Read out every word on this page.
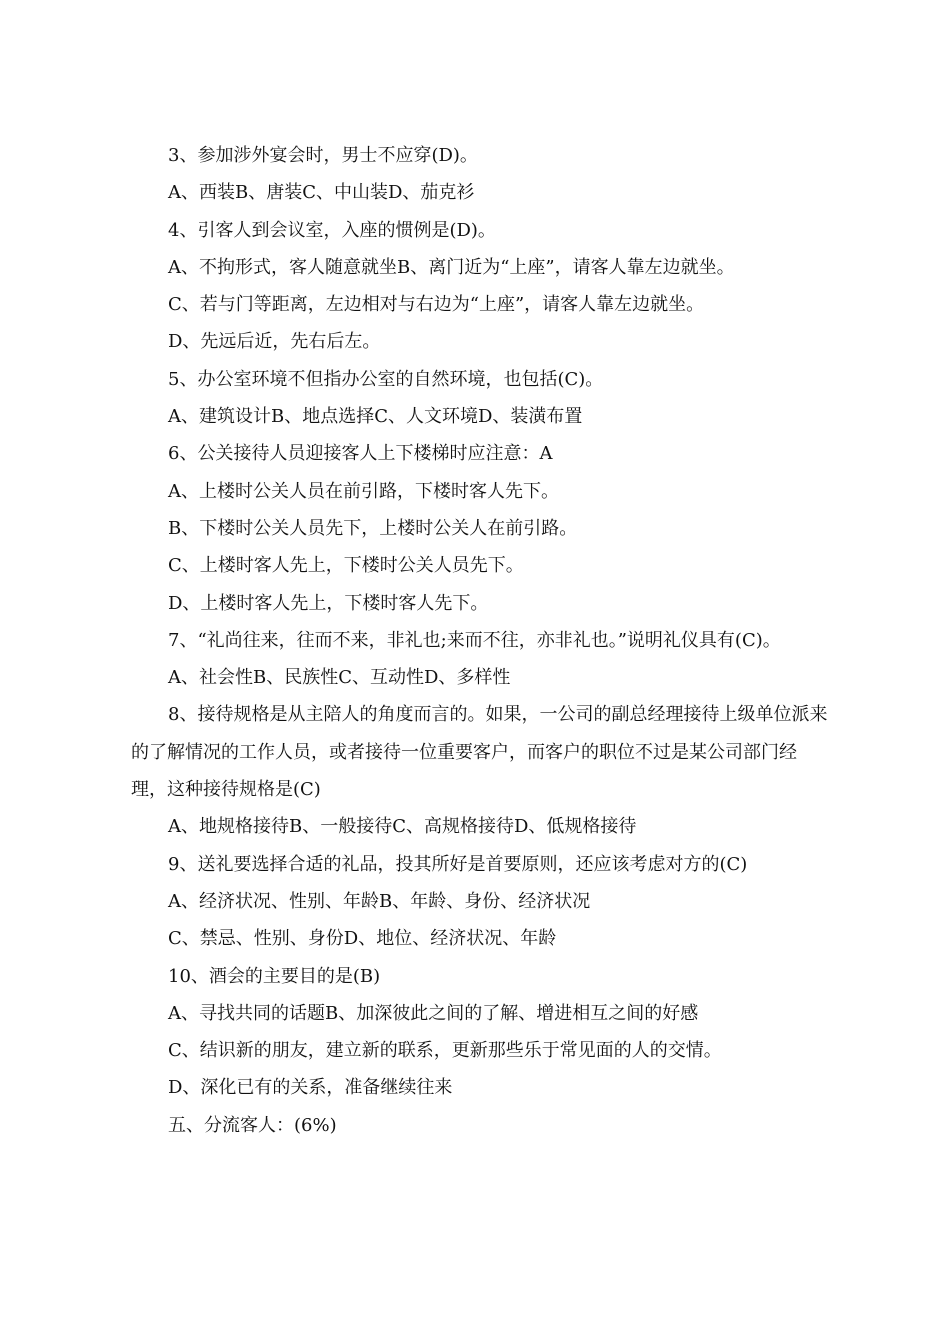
3、参加涉外宴会时，男士不应穿(D)。

A、西装B、唐装C、中山装D、茄克衫

4、引客人到会议室，入座的惯例是(D)。

A、不拘形式，客人随意就坐B、离门近为“上座”，请客人靠左边就坐。

C、若与门等距离，左边相对与右边为“上座”，请客人靠左边就坐。

D、先远后近，先右后左。

5、办公室环境不但指办公室的自然环境，也包括(C)。

A、建筑设计B、地点选择C、人文环境D、装潢布置

6、公关接待人员迎接客人上下楼梯时应注意：A

A、上楼时公关人员在前引路，下楼时客人先下。

B、下楼时公关人员先下，上楼时公关人在前引路。

C、上楼时客人先上，下楼时公关人员先下。

D、上楼时客人先上，下楼时客人先下。

7、“礼尚往来，往而不来，非礼也;来而不往，亦非礼也。”说明礼仪具有(C)。

A、社会性B、民族性C、互动性D、多样性

8、接待规格是从主陪人的角度而言的。如果，一公司的副总经理接待上级单位派来的了解情况的工作人员，或者接待一位重要客户，而客户的职位不过是某公司部门经理，这种接待规格是(C)

A、地规格接待B、一般接待C、高规格接待D、低规格接待

9、送礼要选择合适的礼品，投其所好是首要原则，还应该考虑对方的(C)

A、经济状况、性别、年龄B、年龄、身份、经济状况

C、禁忌、性别、身份D、地位、经济状况、年龄

10、酒会的主要目的是(B)

A、寻找共同的话题B、加深彼此之间的了解、增进相互之间的好感

C、结识新的朋友，建立新的联系，更新那些乐于常见面的人的交情。

D、深化已有的关系，准备继续往来

五、分流客人：(6%)
